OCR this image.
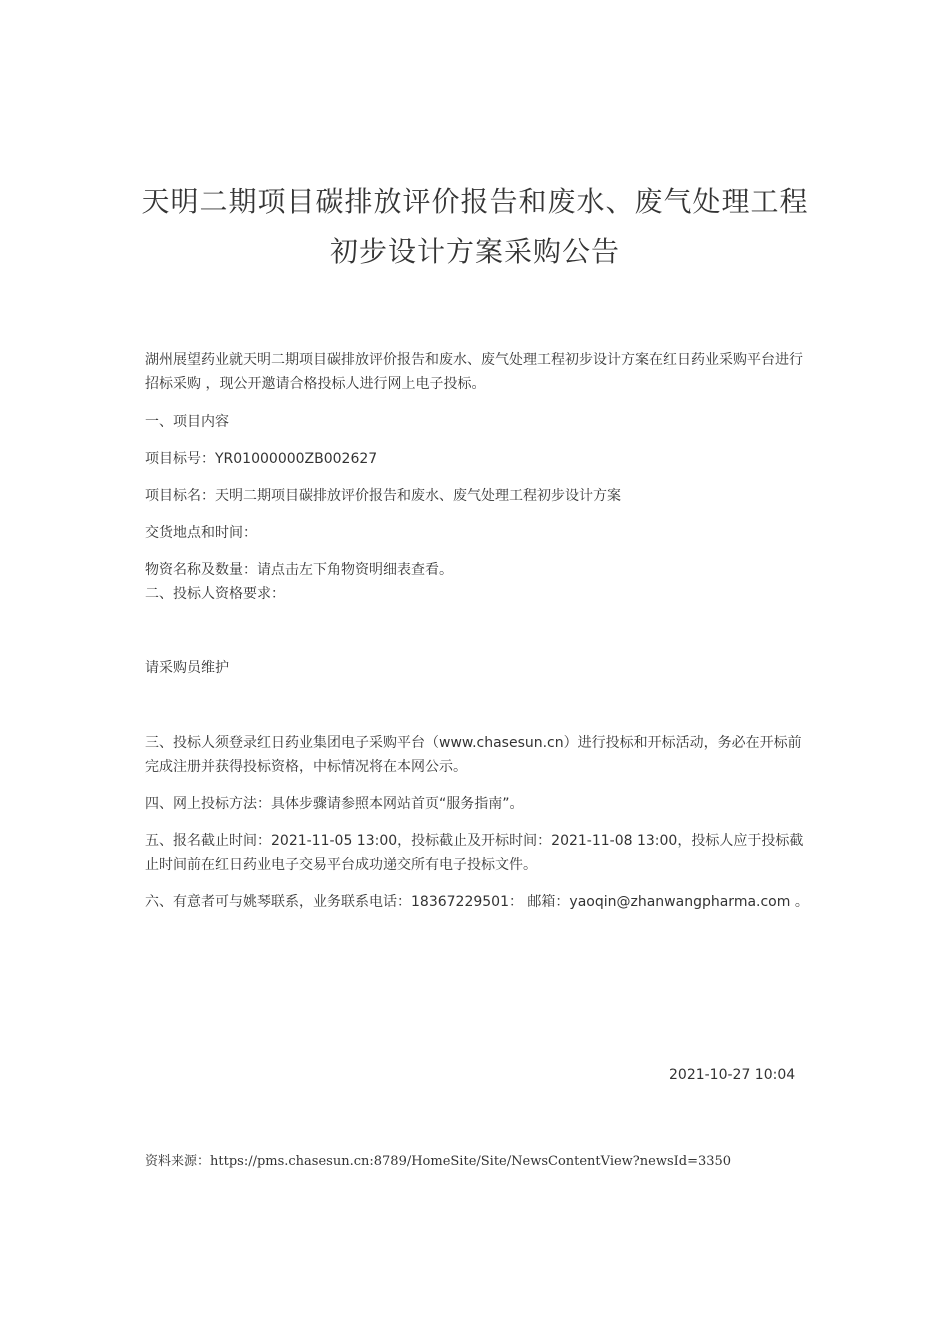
天明二期项目碳排放评价报告和废水、废气处理工程
初步设计方案采购公告
湖州展望药业就天明二期项目碳排放评价报告和废水、废气处理工程初步设计方案在红日药业采购平台进行招标采购 ，现公开邀请合格投标人进行网上电子投标。
一、项目内容
项目标号：YR01000000ZB002627
项目标名：天明二期项目碳排放评价报告和废水、废气处理工程初步设计方案
交货地点和时间：
物资名称及数量：请点击左下角物资明细表查看。
二、投标人资格要求：
请采购员维护
三、投标人须登录红日药业集团电子采购平台（www.chasesun.cn）进行投标和开标活动，务必在开标前完成注册并获得投标资格，中标情况将在本网公示。
四、网上投标方法：具体步骤请参照本网站首页“服务指南”。
五、报名截止时间：2021-11-05 13:00，投标截止及开标时间：2021-11-08 13:00，投标人应于投标截止时间前在红日药业电子交易平台成功递交所有电子投标文件。
六、有意者可与姚琴联系，业务联系电话：18367229501： 邮箱：yaoqin@zhanwangpharma.com 。
2021-10-27 10:04
资料来源：https://pms.chasesun.cn:8789/HomeSite/Site/NewsContentView?newsId=3350
